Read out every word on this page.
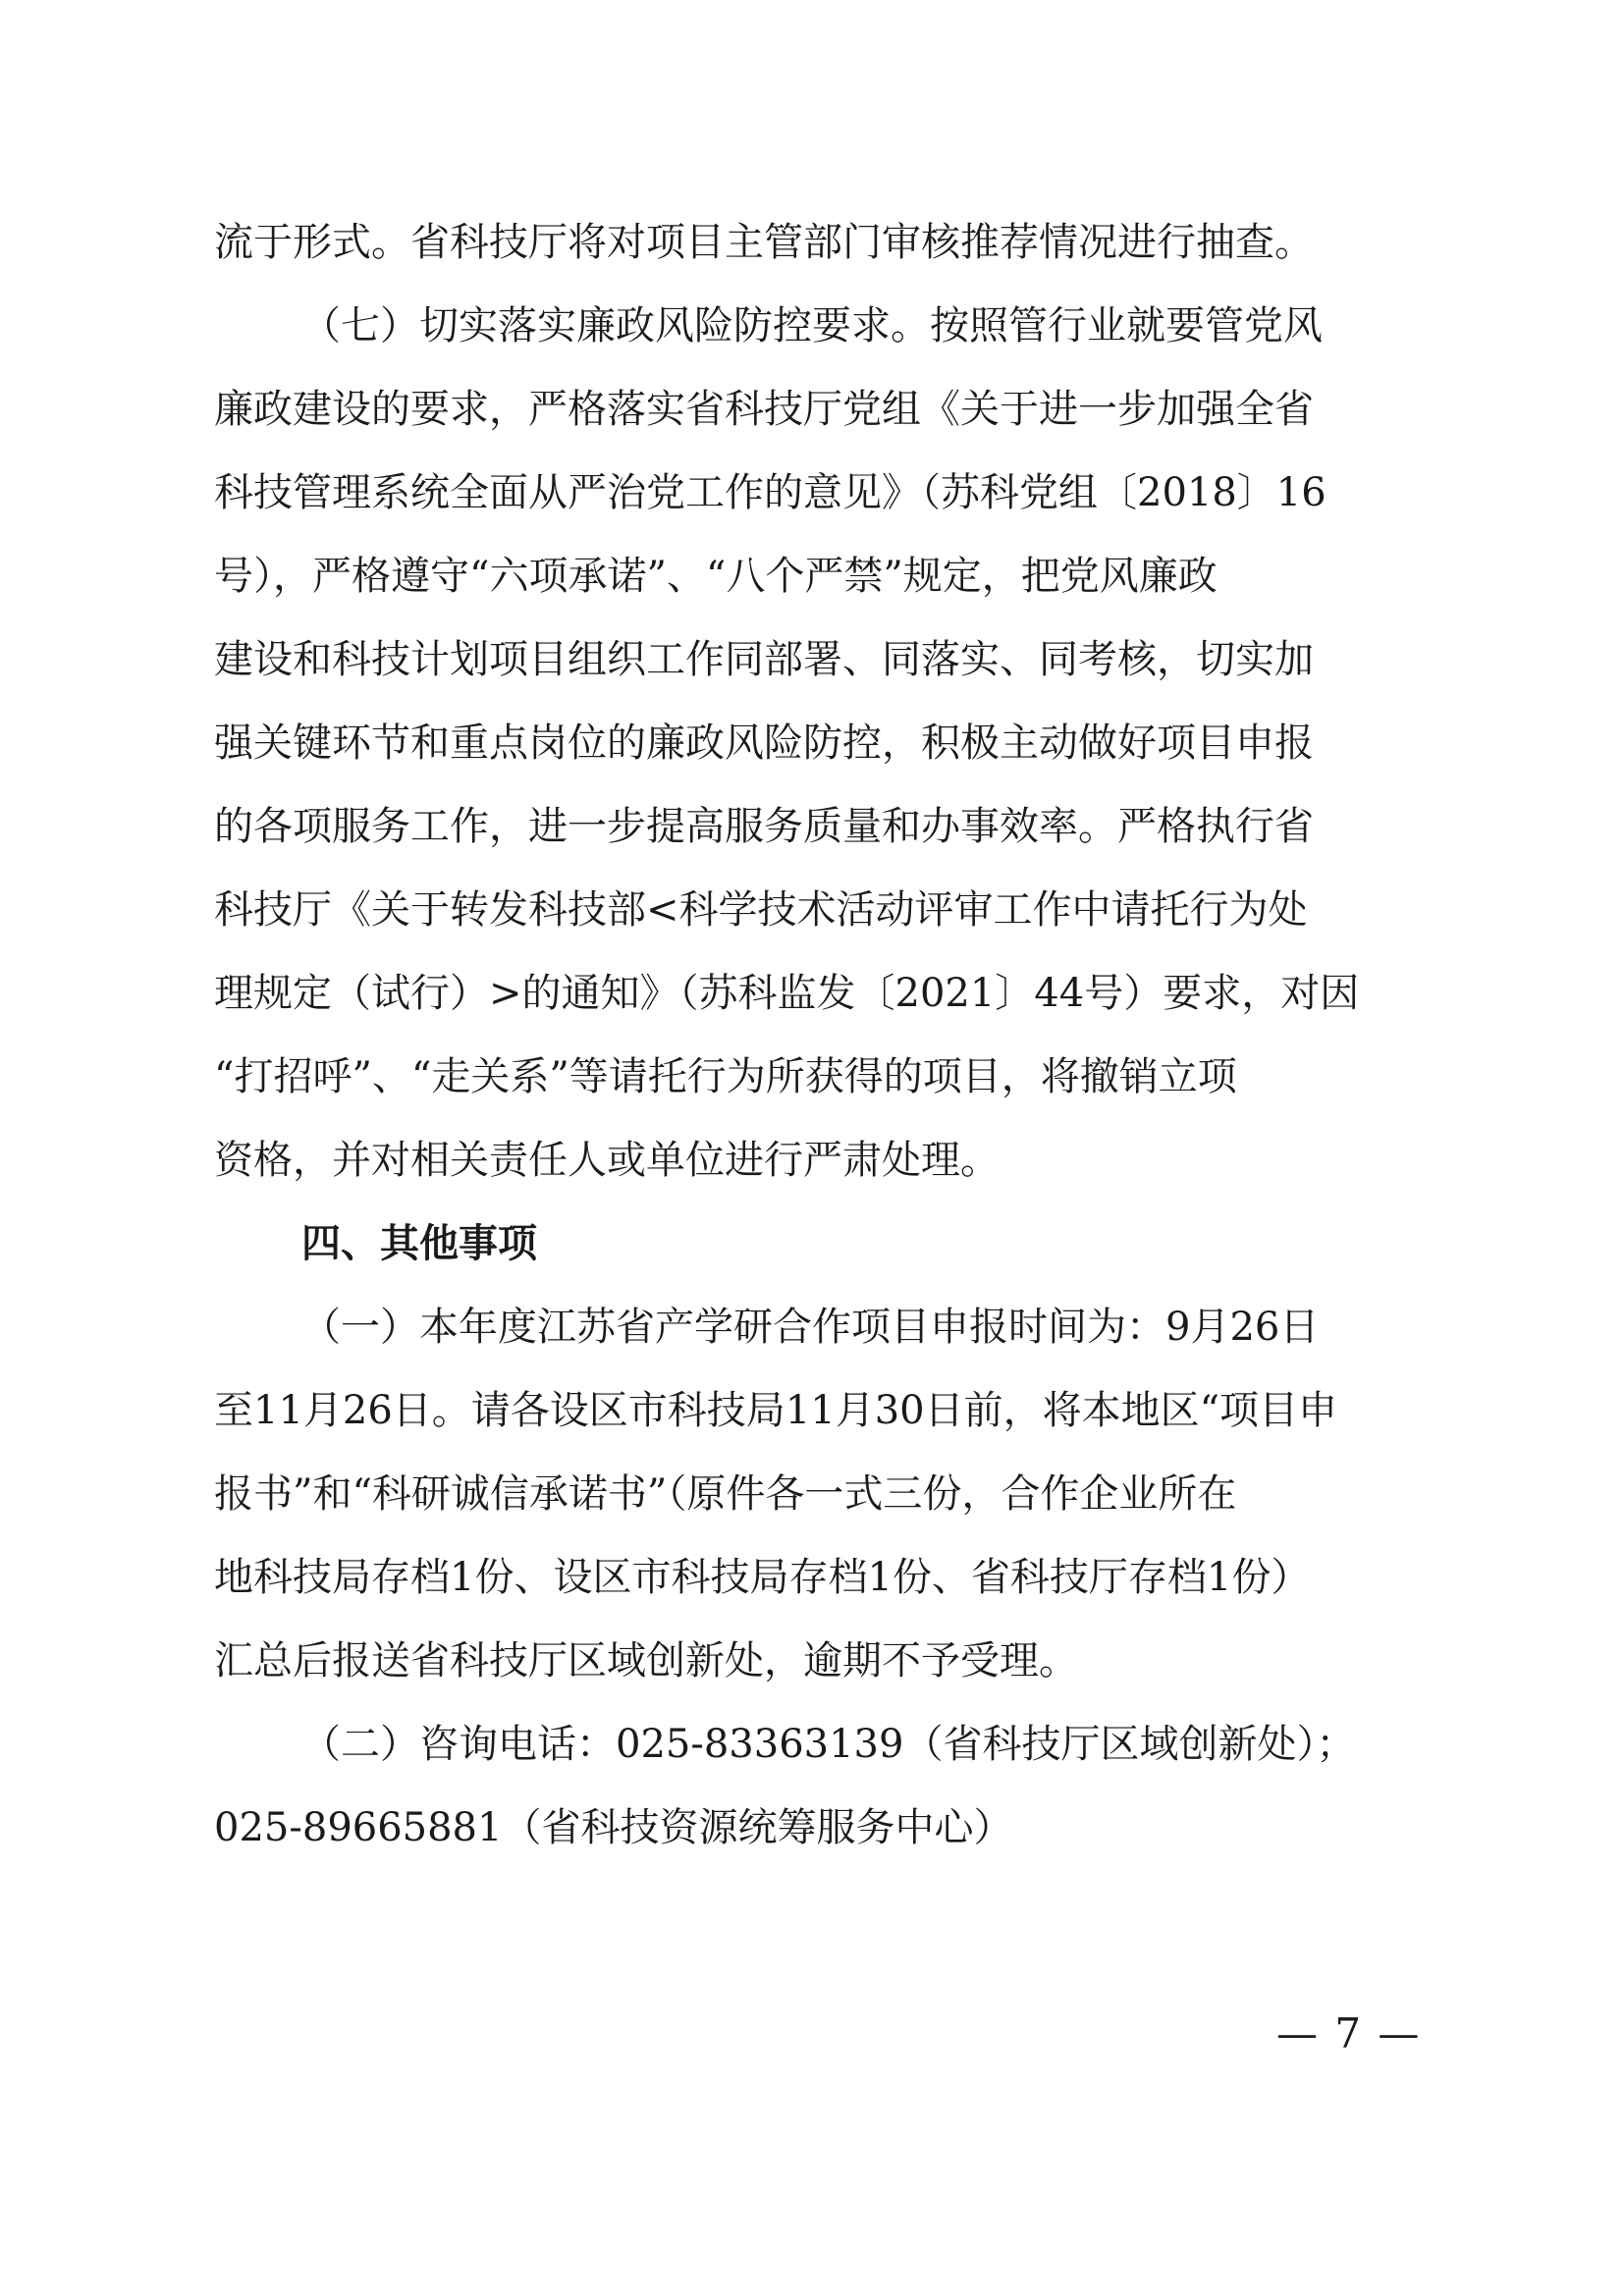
流于形式。省科技厅将对项目主管部门审核推荐情况进行抽查。

（七）切实落实廉政风险防控要求。按照管行业就要管党风

廉政建设的要求，严格落实省科技厅党组《关于进一步加强全省

科技管理系统全面从严治党工作的意见》（苏科党组〔2018〕16

号），严格遵守“六项承诺”、“八个严禁”规定，把党风廉政

建设和科技计划项目组织工作同部署、同落实、同考核，切实加

强关键环节和重点岗位的廉政风险防控，积极主动做好项目申报

的各项服务工作，进一步提高服务质量和办事效率。严格执行省

科技厅《关于转发科技部<科学技术活动评审工作中请托行为处

理规定（试行）>的通知》（苏科监发〔2021〕44号）要求，对因

“打招呼”、“走关系”等请托行为所获得的项目，将撤销立项

资格，并对相关责任人或单位进行严肃处理。

四、其他事项

（一）本年度江苏省产学研合作项目申报时间为：9月26日

至11月26日。请各设区市科技局11月30日前，将本地区“项目申

报书”和“科研诚信承诺书”（原件各一式三份，合作企业所在

地科技局存档1份、设区市科技局存档1份、省科技厅存档1份）

汇总后报送省科技厅区域创新处，逾期不予受理。

（二）咨询电话：025-83363139（省科技厅区域创新处）；

025-89665881（省科技资源统筹服务中心）

— 7 —
